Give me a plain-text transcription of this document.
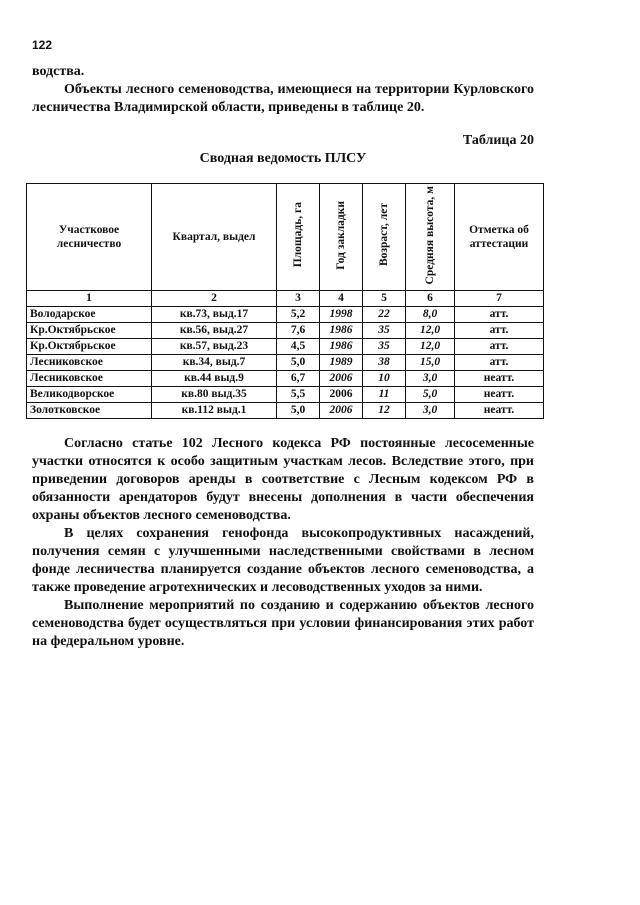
122

водства.

Объекты лесного семеноводства, имеющиеся на территории Курловского лесничества Владимирской области, приведены в таблице 20.

Таблица 20
Сводная ведомость ПЛСУ
Участковое лесничество	Квартал, выдел	Площадь, га	Год закладки	Возраст, лет	Средняя высота, м	Отметка об аттестации
1	2	3	4	5	6	7
Володарское	кв.73, выд.17	5,2	1998	22	8,0	атт.
Кр.Октябрьское	кв.56, выд.27	7,6	1986	35	12,0	атт.
Кр.Октябрьское	кв.57, выд.23	4,5	1986	35	12,0	атт.
Лесниковское	кв.34, выд.7	5,0	1989	38	15,0	атт.
Лесниковское	кв.44 выд.9	6,7	2006	10	3,0	неатт.
Великодворское	кв.80 выд.35	5,5	2006	11	5,0	неатт.
Золотковское	кв.112 выд.1	5,0	2006	12	3,0	неатт.

Согласно статье 102 Лесного кодекса РФ постоянные лесосеменные участки относятся к особо защитным участкам лесов. Вследствие этого, при приведении договоров аренды в соответствие с Лесным кодексом РФ в обязанности арендаторов будут внесены дополнения в части обеспечения охраны объектов лесного семеноводства.

В целях сохранения генофонда высокопродуктивных насаждений, получения семян с улучшенными наследственными свойствами в лесном фонде лесничества планируется создание объектов лесного семеноводства, а также проведение агротехнических и лесоводственных уходов за ними.

Выполнение мероприятий по созданию и содержанию объектов лесного семеноводства будет осуществляться при условии финансирования этих работ на федеральном уровне.
